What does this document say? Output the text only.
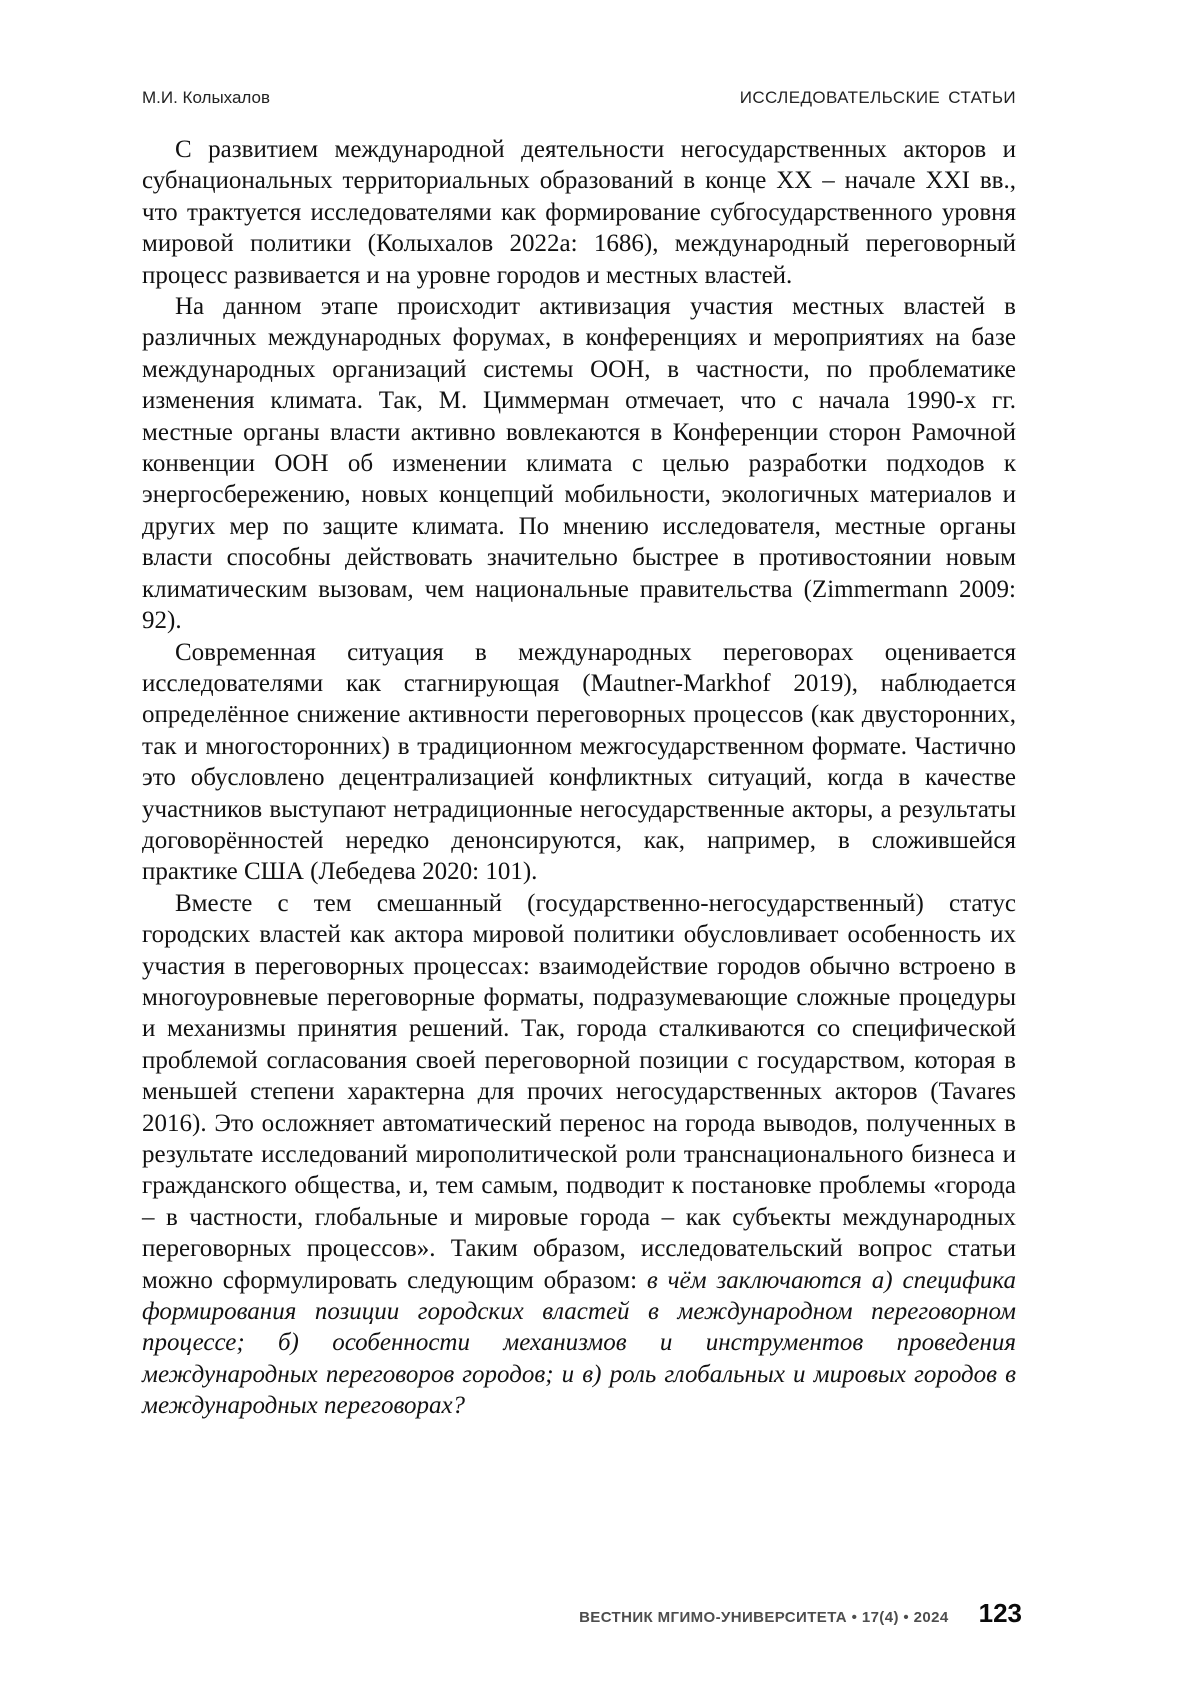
М.И. Колыхалов	ИССЛЕДОВАТЕЛЬСКИЕ СТАТЬИ

С развитием международной деятельности негосударственных акторов и субнациональных территориальных образований в конце XX – начале XXI вв., что трактуется исследователями как формирование субгосударственного уровня мировой политики (Колыхалов 2022а: 1686), международный переговорный процесс развивается и на уровне городов и местных властей.

На данном этапе происходит активизация участия местных властей в различных международных форумах, в конференциях и мероприятиях на базе международных организаций системы ООН, в частности, по проблематике изменения климата. Так, М. Циммерман отмечает, что с начала 1990-х гг. местные органы власти активно вовлекаются в Конференции сторон Рамочной конвенции ООН об изменении климата с целью разработки подходов к энергосбережению, новых концепций мобильности, экологичных материалов и других мер по защите климата. По мнению исследователя, местные органы власти способны действовать значительно быстрее в противостоянии новым климатическим вызовам, чем национальные правительства (Zimmermann 2009: 92).

Современная ситуация в международных переговорах оценивается исследователями как стагнирующая (Mautner-Markhof 2019), наблюдается определённое снижение активности переговорных процессов (как двусторонних, так и многосторонних) в традиционном межгосударственном формате. Частично это обусловлено децентрализацией конфликтных ситуаций, когда в качестве участников выступают нетрадиционные негосударственные акторы, а результаты договорённостей нередко денонсируются, как, например, в сложившейся практике США (Лебедева 2020: 101).

Вместе с тем смешанный (государственно-негосударственный) статус городских властей как актора мировой политики обусловливает особенность их участия в переговорных процессах: взаимодействие городов обычно встроено в многоуровневые переговорные форматы, подразумевающие сложные процедуры и механизмы принятия решений. Так, города сталкиваются со специфической проблемой согласования своей переговорной позиции с государством, которая в меньшей степени характерна для прочих негосударственных акторов (Tavares 2016). Это осложняет автоматический перенос на города выводов, полученных в результате исследований мирополитической роли транснационального бизнеса и гражданского общества, и, тем самым, подводит к постановке проблемы «города – в частности, глобальные и мировые города – как субъекты международных переговорных процессов». Таким образом, исследовательский вопрос статьи можно сформулировать следующим образом: в чём заключаются а) специфика формирования позиции городских властей в международном переговорном процессе; б) особенности механизмов и инструментов проведения международных переговоров городов; и в) роль глобальных и мировых городов в международных переговорах?

ВЕСТНИК МГИМО-УНИВЕРСИТЕТА • 17(4) • 2024 123
